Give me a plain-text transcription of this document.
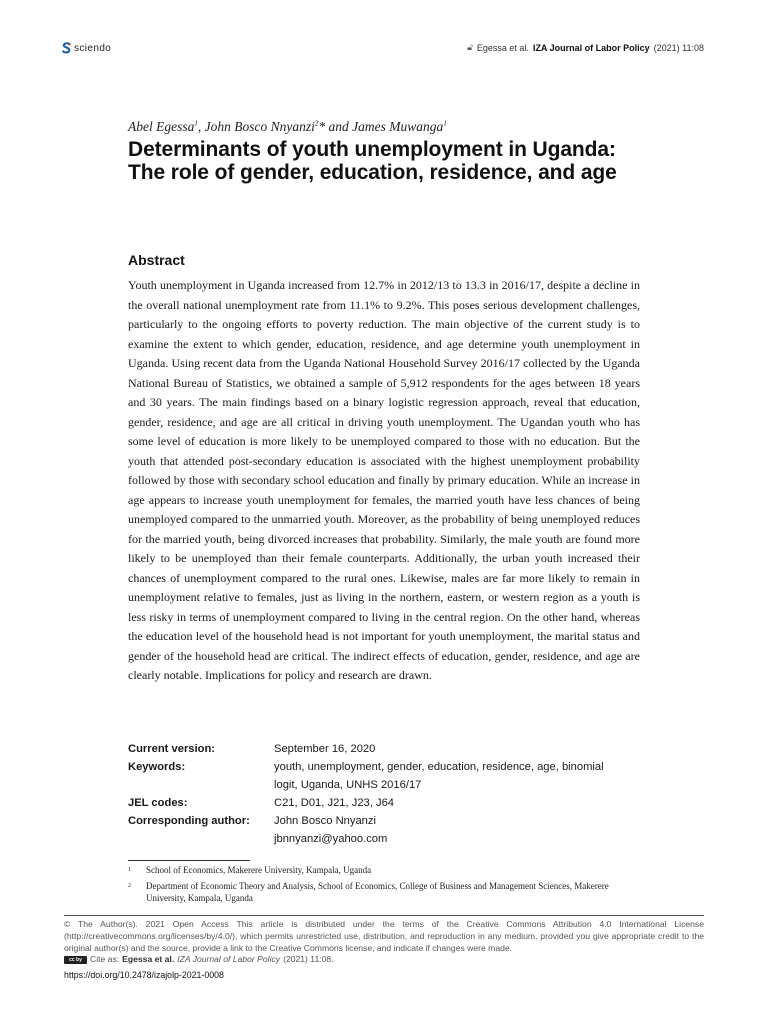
sciendo	🔓︎ Egessa et al. IZA Journal of Labor Policy (2021) 11:08
Abel Egessa$^1$, John Bosco Nnyanzi$^2$* and James Muwanga$^1$
Determinants of youth unemployment in Uganda: The role of gender, education, residence, and age
Abstract

Youth unemployment in Uganda increased from 12.7% in 2012/13 to 13.3 in 2016/17, despite a decline in the overall national unemployment rate from 11.1% to 9.2%. This poses serious development challenges, particularly to the ongoing efforts to poverty reduction. The main objective of the current study is to examine the extent to which gender, education, residence, and age determine youth unemployment in Uganda. Using recent data from the Uganda National Household Survey 2016/17 collected by the Uganda National Bureau of Statistics, we obtained a sample of 5,912 respondents for the ages between 18 years and 30 years. The main findings based on a binary logistic regression approach, reveal that education, gender, residence, and age are all critical in driving youth unemployment. The Ugandan youth who has some level of education is more likely to be unemployed compared to those with no education. But the youth that attended post-secondary education is associated with the highest unemployment probability followed by those with secondary school education and finally by primary education. While an increase in age appears to increase youth unemployment for females, the married youth have less chances of being unemployed compared to the unmarried youth. Moreover, as the probability of being unemployed reduces for the married youth, being divorced increases that probability. Similarly, the male youth are found more likely to be unemployed than their female counterparts. Additionally, the urban youth increased their chances of unemployment compared to the rural ones. Likewise, males are far more likely to remain in unemployment relative to females, just as living in the northern, eastern, or western region as a youth is less risky in terms of unemployment compared to living in the central region. On the other hand, whereas the education level of the household head is not important for youth unemployment, the marital status and gender of the household head are critical. The indirect effects of education, gender, residence, and age are clearly notable. Implications for policy and research are drawn.

Current version:	September 16, 2020
Keywords:	youth, unemployment, gender, education, residence, age, binomial
logit, Uganda, UNHS 2016/17
JEL codes:	C21, D01, J21, J23, J64
Corresponding author:	John Bosco Nnyanzi
jbnnyanzi@yahoo.com
1	School of Economics, Makerere University, Kampala, Uganda
2	Department of Economic Theory and Analysis, School of Economics, College of Business and Management Sciences, Makerere University, Kampala, Uganda
© The Author(s). 2021 Open Access This article is distributed under the terms of the Creative Commons Attribution 4.0 International License (http://creativecommons.org/licenses/by/4.0/), which permits unrestricted use, distribution, and reproduction in any medium, provided you give appropriate credit to the original author(s) and the source, provide a link to the Creative Commons license, and indicate if changes were made.
cc by Cite as: Egessa et al. IZA Journal of Labor Policy (2021) 11:08.
https://doi.org/10.2478/izajolp-2021-0008
